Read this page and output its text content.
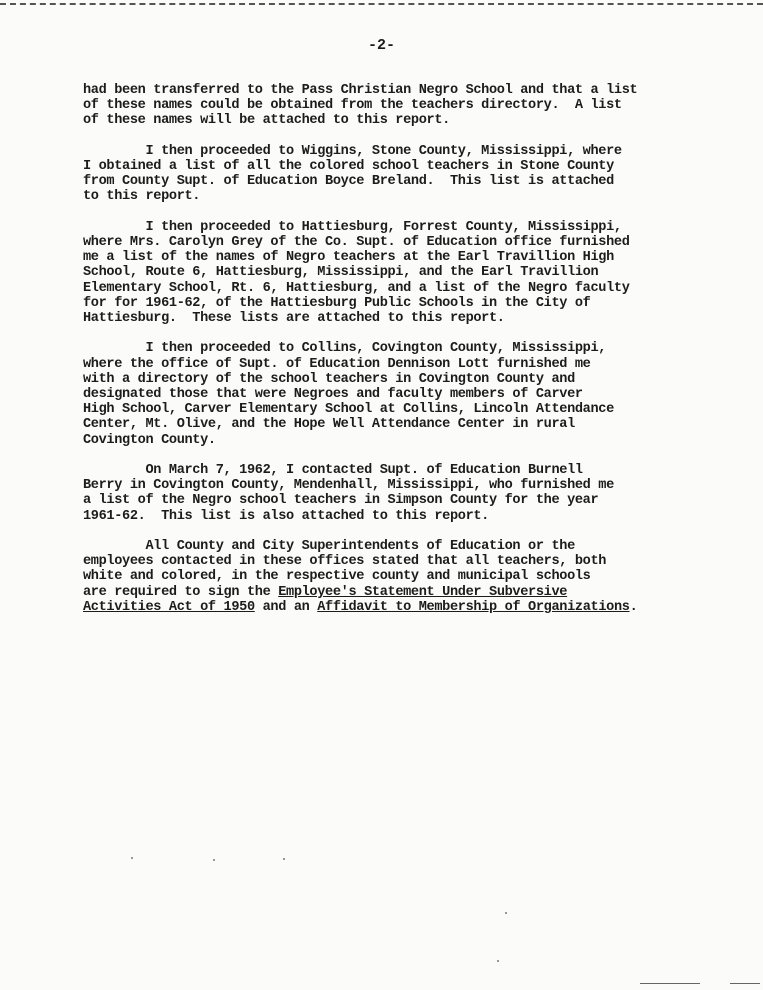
-2-
had been transferred to the Pass Christian Negro School and that a list
of these names could be obtained from the teachers directory.  A list
of these names will be attached to this report.
I then proceeded to Wiggins, Stone County, Mississippi, where
I obtained a list of all the colored school teachers in Stone County
from County Supt. of Education Boyce Breland.  This list is attached
to this report.
I then proceeded to Hattiesburg, Forrest County, Mississippi,
where Mrs. Carolyn Grey of the Co. Supt. of Education office furnished
me a list of the names of Negro teachers at the Earl Travillion High
School, Route 6, Hattiesburg, Mississippi, and the Earl Travillion
Elementary School, Rt. 6, Hattiesburg, and a list of the Negro faculty
for for 1961-62, of the Hattiesburg Public Schools in the City of
Hattiesburg.  These lists are attached to this report.
I then proceeded to Collins, Covington County, Mississippi,
where the office of Supt. of Education Dennison Lott furnished me
with a directory of the school teachers in Covington County and
designated those that were Negroes and faculty members of Carver
High School, Carver Elementary School at Collins, Lincoln Attendance
Center, Mt. Olive, and the Hope Well Attendance Center in rural
Covington County.
On March 7, 1962, I contacted Supt. of Education Burnell
Berry in Covington County, Mendenhall, Mississippi, who furnished me
a list of the Negro school teachers in Simpson County for the year
1961-62.  This list is also attached to this report.
All County and City Superintendents of Education or the
employees contacted in these offices stated that all teachers, both
white and colored, in the respective county and municipal schools
are required to sign the Employee's Statement Under Subversive
Activities Act of 1950 and an Affidavit to Membership of Organizations.
